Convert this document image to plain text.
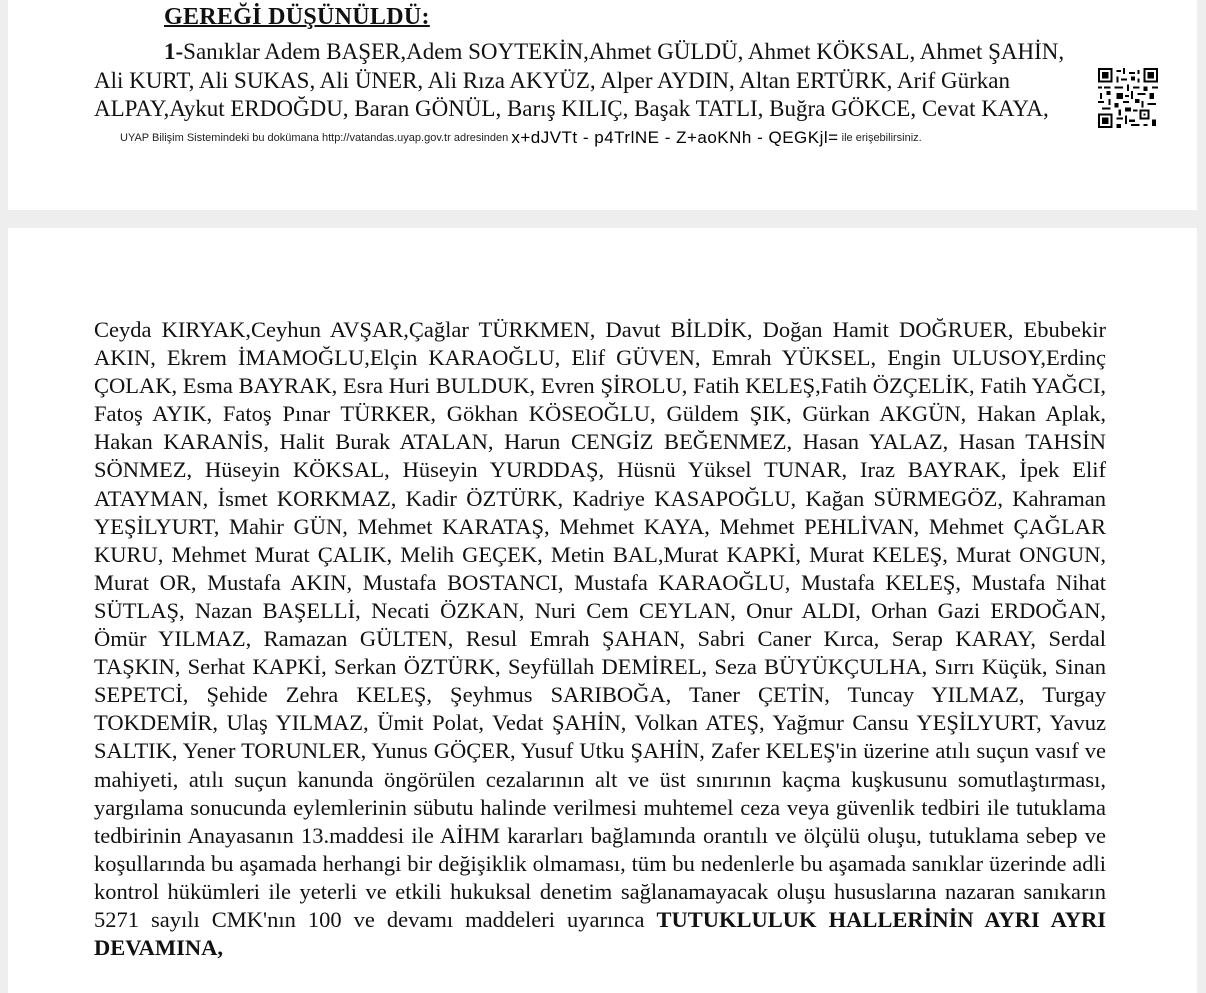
GEREĞİ DÜŞÜNÜLDÜ:
1-Sanıklar Adem BAŞER,Adem SOYTEKİN,Ahmet GÜLDÜ, Ahmet KÖKSAL, Ahmet ŞAHİN,
Ali KURT, Ali SUKAS, Ali ÜNER, Ali Rıza AKYÜZ, Alper AYDIN, Altan ERTÜRK, Arif Gürkan
ALPAY,Aykut ERDOĞDU, Baran GÖNÜL, Barış KILIÇ, Başak TATLI, Buğra GÖKCE, Cevat KAYA,
UYAP Bilişim Sistemindeki bu dokümana http://vatandas.uyap.gov.tr adresinden x+dJVTt - p4TrlNE - Z+aoKNh - QEGKjl= ile erişebilirsiniz.
Ceyda KIRYAK,Ceyhun AVŞAR,Çağlar TÜRKMEN, Davut BİLDİK, Doğan Hamit DOĞRUER, Ebubekir AKIN, Ekrem İMAMOĞLU,Elçin KARAOĞLU, Elif GÜVEN, Emrah YÜKSEL, Engin ULUSOY,Erdinç ÇOLAK, Esma BAYRAK, Esra Huri BULDUK, Evren ŞİROLU, Fatih KELEŞ,Fatih ÖZÇELİK, Fatih YAĞCI, Fatoş AYIK, Fatoş Pınar TÜRKER, Gökhan KÖSEOĞLU, Güldem ŞIK, Gürkan AKGÜN, Hakan Aplak, Hakan KARANİS, Halit Burak ATALAN, Harun CENGİZ BEĞENMEZ, Hasan YALAZ, Hasan TAHSİN SÖNMEZ, Hüseyin KÖKSAL, Hüseyin YURDDAŞ, Hüsnü Yüksel TUNAR, Iraz BAYRAK, İpek Elif ATAYMAN, İsmet KORKMAZ, Kadir ÖZTÜRK, Kadriye KASAPOĞLU, Kağan SÜRMEGÖZ, Kahraman YEŞİLYURT, Mahir GÜN, Mehmet KARATAŞ, Mehmet KAYA, Mehmet PEHLİVAN, Mehmet ÇAĞLAR KURU, Mehmet Murat ÇALIK, Melih GEÇEK, Metin BAL,Murat KAPKİ, Murat KELEŞ, Murat ONGUN, Murat OR, Mustafa AKIN, Mustafa BOSTANCI, Mustafa KARAOĞLU, Mustafa KELEŞ, Mustafa Nihat SÜTLAŞ, Nazan BAŞELLİ, Necati ÖZKAN, Nuri Cem CEYLAN, Onur ALDI, Orhan Gazi ERDOĞAN, Ömür YILMAZ, Ramazan GÜLTEN, Resul Emrah ŞAHAN, Sabri Caner Kırca, Serap KARAY, Serdal TAŞKIN, Serhat KAPKİ, Serkan ÖZTÜRK, Seyfüllah DEMİREL, Seza BÜYÜKÇULHA, Sırrı Küçük, Sinan SEPETCİ, Şehide Zehra KELEŞ, Şeyhmus SARIBOĞA, Taner ÇETİN, Tuncay YILMAZ, Turgay TOKDEMİR, Ulaş YILMAZ, Ümit Polat, Vedat ŞAHİN, Volkan ATEŞ, Yağmur Cansu YEŞİLYURT, Yavuz SALTIK, Yener TORUNLER, Yunus GÖÇER, Yusuf Utku ŞAHİN, Zafer KELEŞ'in üzerine atılı suçun vasıf ve mahiyeti, atılı suçun kanunda öngörülen cezalarının alt ve üst sınırının kaçma kuşkusunu somutlaştırması, yargılama sonucunda eylemlerinin sübutu halinde verilmesi muhtemel ceza veya güvenlik tedbiri ile tutuklama tedbirinin Anayasanın 13.maddesi ile AİHM kararları bağlamında orantılı ve ölçülü oluşu, tutuklama sebep ve koşullarında bu aşamada herhangi bir değişiklik olmaması, tüm bu nedenlerle bu aşamada sanıklar üzerinde adli kontrol hükümleri ile yeterli ve etkili hukuksal denetim sağlanamayacak oluşu hususlarına nazaran sanıkarın 5271 sayılı CMK'nın 100 ve devamı maddeleri uyarınca TUTUKLULUK HALLERİNİN AYRI AYRI DEVAMINA,
